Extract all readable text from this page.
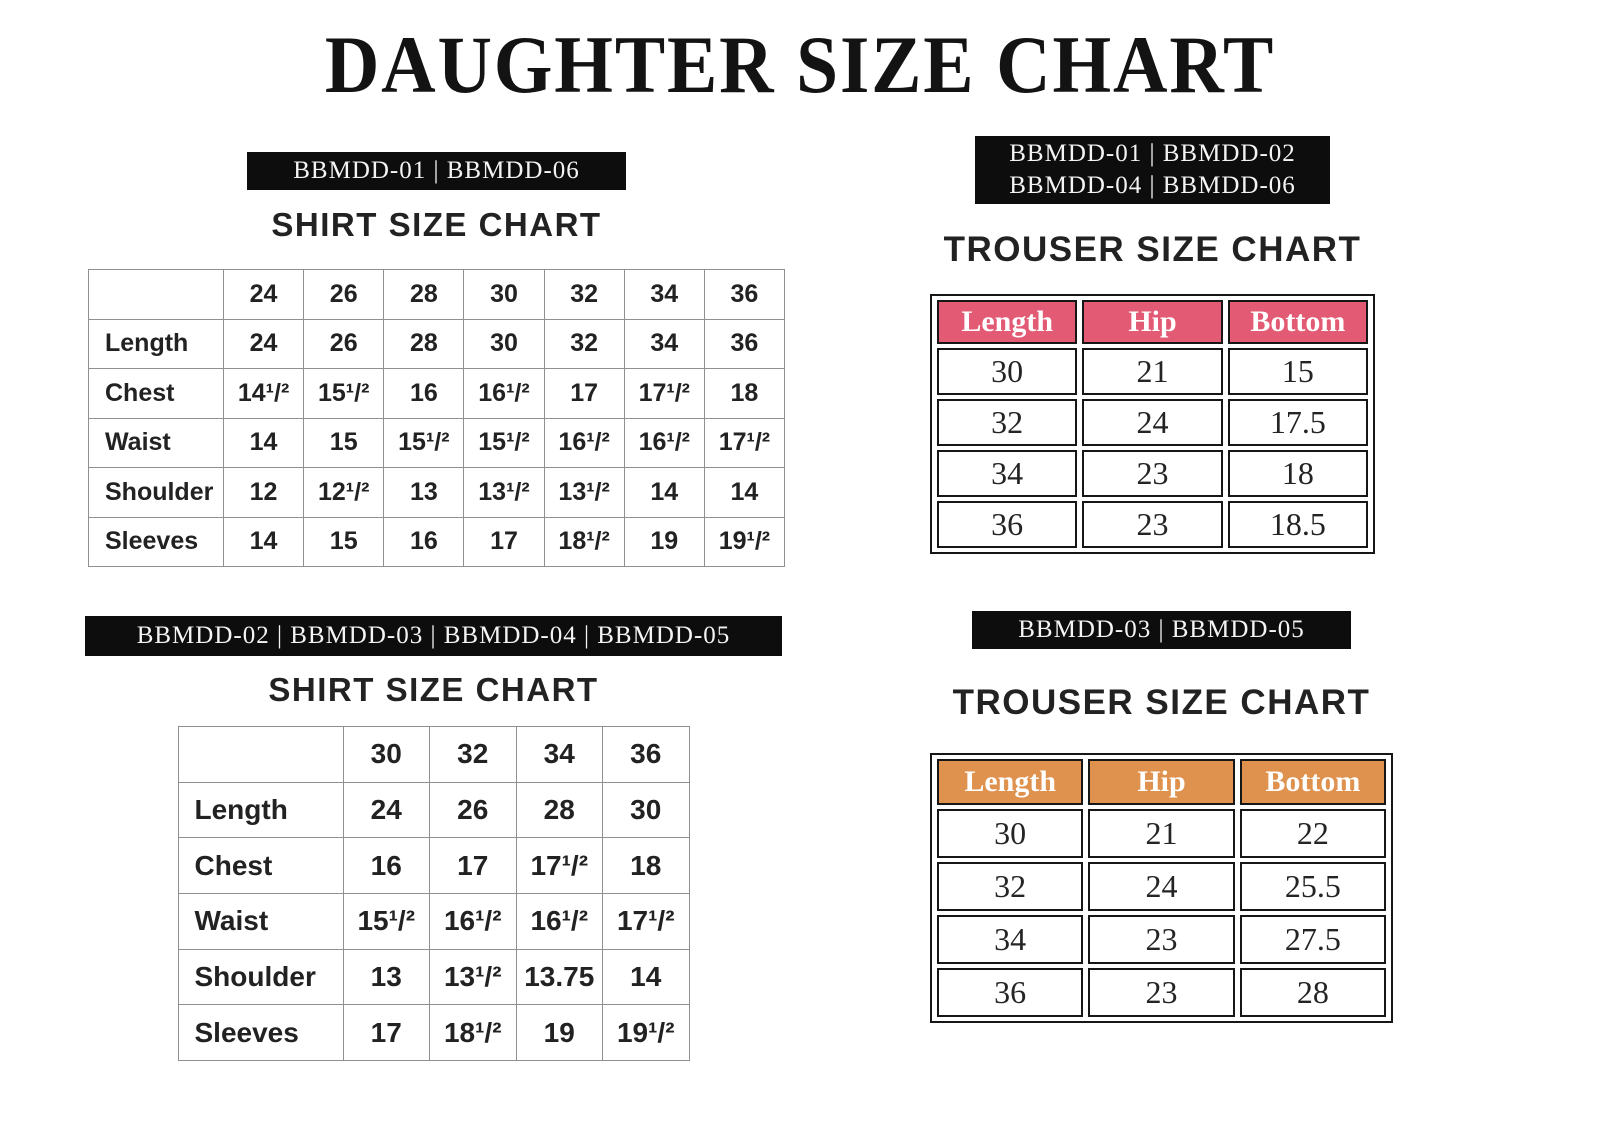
DAUGHTER SIZE CHART
BBMDD-01 | BBMDD-06
SHIRT SIZE CHART
	24	26	28	30	32	34	36
Length	24	26	28	30	32	34	36
Chest	14¹/²	15¹/²	16	16¹/²	17	17¹/²	18
Waist	14	15	15¹/²	15¹/²	16¹/²	16¹/²	17¹/²
Shoulder	12	12¹/²	13	13¹/²	13¹/²	14	14
Sleeves	14	15	16	17	18¹/²	19	19¹/²
BBMDD-01 | BBMDD-02
BBMDD-04 | BBMDD-06
TROUSER SIZE CHART
Length	Hip	Bottom
30	21	15
32	24	17.5
34	23	18
36	23	18.5
BBMDD-02 | BBMDD-03 | BBMDD-04 | BBMDD-05
SHIRT SIZE CHART
	30	32	34	36
Length	24	26	28	30
Chest	16	17	17¹/²	18
Waist	15¹/²	16¹/²	16¹/²	17¹/²
Shoulder	13	13¹/²	13.75	14
Sleeves	17	18¹/²	19	19¹/²
BBMDD-03 | BBMDD-05
TROUSER SIZE CHART
Length	Hip	Bottom
30	21	22
32	24	25.5
34	23	27.5
36	23	28
